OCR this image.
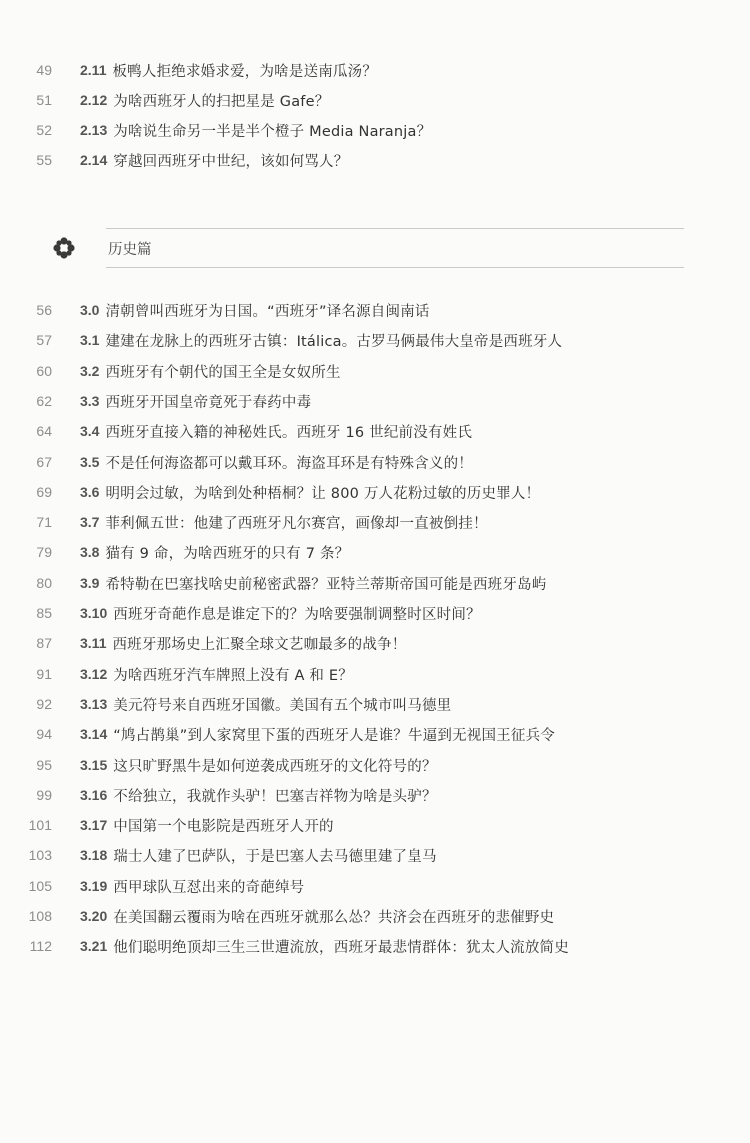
49	2.11 板鸭人拒绝求婚求爱，为啥是送南瓜汤？
51	2.12 为啥西班牙人的扫把星是 Gafe？
52	2.13 为啥说生命另一半是半个橙子 Media Naranja？
55	2.14 穿越回西班牙中世纪，该如何骂人？
历史篇
56	3.0 清朝曾叫西班牙为日国。“西班牙”译名源自闽南话
57	3.1 建建在龙脉上的西班牙古镇：Itálica。古罗马俩最伟大皇帝是西班牙人
60	3.2 西班牙有个朝代的国王全是女奴所生
62	3.3 西班牙开国皇帝竟死于春药中毒
64	3.4 西班牙直接入籍的神秘姓氏。西班牙 16 世纪前没有姓氏
67	3.5 不是任何海盗都可以戴耳环。海盗耳环是有特殊含义的！
69	3.6 明明会过敏，为啥到处种梧桐？让 800 万人花粉过敏的历史罪人！
71	3.7 菲利佩五世：他建了西班牙凡尔赛宫，画像却一直被倒挂！
79	3.8 猫有 9 命，为啥西班牙的只有 7 条？
80	3.9 希特勒在巴塞找啥史前秘密武器？亚特兰蒂斯帝国可能是西班牙岛屿
85	3.10 西班牙奇葩作息是谁定下的？为啥要强制调整时区时间？
87	3.11 西班牙那场史上汇聚全球文艺咖最多的战争！
91	3.12 为啥西班牙汽车牌照上没有 A 和 E？
92	3.13 美元符号来自西班牙国徽。美国有五个城市叫马德里
94	3.14 “鸠占鹊巢”到人家窝里下蛋的西班牙人是谁？牛逼到无视国王征兵令
95	3.15 这只旷野黑牛是如何逆袭成西班牙的文化符号的？
99	3.16 不给独立，我就作头驴！巴塞吉祥物为啥是头驴？
101	3.17 中国第一个电影院是西班牙人开的
103	3.18 瑞士人建了巴萨队，于是巴塞人去马德里建了皇马
105	3.19 西甲球队互怼出来的奇葩绰号
108	3.20 在美国翻云覆雨为啥在西班牙就那么怂？共济会在西班牙的悲催野史
112	3.21 他们聪明绝顶却三生三世遭流放，西班牙最悲情群体：犹太人流放简史
